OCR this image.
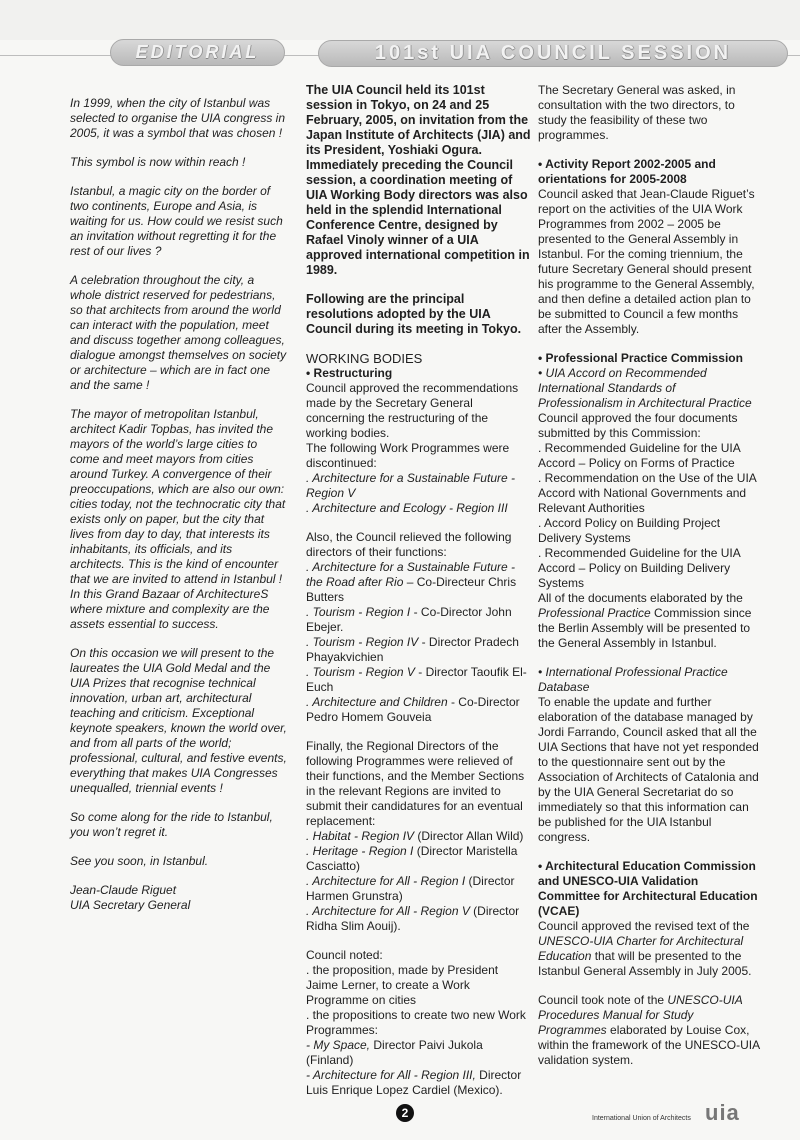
EDITORIAL	101st UIA COUNCIL SESSION

In 1999, when the city of Istanbul was selected to organise the UIA congress in 2005, it was a symbol that was chosen !

This symbol is now within reach !

Istanbul, a magic city on the border of two continents, Europe and Asia, is waiting for us. How could we resist such an invitation without regretting it for the rest of our lives ?

A celebration throughout the city, a whole district reserved for pedestrians, so that architects from around the world can interact with the population, meet and discuss together among colleagues, dialogue amongst themselves on society or architecture – which are in fact one and the same !

The mayor of metropolitan Istanbul, architect Kadir Topbas, has invited the mayors of the world’s large cities to come and meet mayors from cities around Turkey. A convergence of their preoccupations, which are also our own: cities today, not the technocratic city that exists only on paper, but the city that lives from day to day, that interests its inhabitants, its officials, and its architects. This is the kind of encounter that we are invited to attend in Istanbul ! In this Grand Bazaar of ArchitectureS where mixture and complexity are the assets essential to success.

On this occasion we will present to the laureates the UIA Gold Medal and the UIA Prizes that recognise technical innovation, urban art, architectural teaching and criticism. Exceptional keynote speakers, known the world over, and from all parts of the world; professional, cultural, and festive events, everything that makes UIA Congresses unequalled, triennial events !

So come along for the ride to Istanbul, you won’t regret it.

See you soon, in Istanbul.

Jean-Claude Riguet
UIA Secretary General

The UIA Council held its 101st session in Tokyo, on 24 and 25 February, 2005, on invitation from the Japan Institute of Architects (JIA) and its President, Yoshiaki Ogura. Immediately preceding the Council session, a coordination meeting of UIA Working Body directors was also held in the splendid International Conference Centre, designed by Rafael Vinoly winner of a UIA approved international competition in 1989.

Following are the principal resolutions adopted by the UIA Council during its meeting in Tokyo.

WORKING BODIES
• Restructuring
Council approved the recommendations made by the Secretary General concerning the restructuring of the working bodies.
The following Work Programmes were discontinued:
. Architecture for a Sustainable Future - Region V

. Architecture and Ecology - Region III

Also, the Council relieved the following directors of their functions:
. Architecture for a Sustainable Future - the Road after Rio – Co-Directeur Chris Butters
. Tourism - Region I - Co-Director John Ebejer.
. Tourism - Region IV - Director Pradech Phayakvichien
. Tourism - Region V - Director Taoufik El-Euch

. Architecture and Children - Co-Director Pedro Homem Gouveia

Finally, the Regional Directors of the following Programmes were relieved of their functions, and the Member Sections in the relevant Regions are invited to submit their candidatures for an eventual replacement:
. Habitat - Region IV (Director Allan Wild)
. Heritage - Region I (Director Maristella Casciatto)
. Architecture for All - Region I (Director Harmen Grunstra)

. Architecture for All - Region V (Director Ridha Slim Aouij).

Council noted:
. the proposition, made by President Jaime Lerner, to create a Work Programme on cities
. the propositions to create two new Work Programmes:
- My Space, Director Paivi Jukola (Finland)
- Architecture for All - Region III, Director Luis Enrique Lopez Cardiel (Mexico).

The Secretary General was asked, in consultation with the two directors, to study the feasibility of these two programmes.

• Activity Report 2002-2005 and orientations for 2005-2008

Council asked that Jean-Claude Riguet’s report on the activities of the UIA Work Programmes from 2002 – 2005 be presented to the General Assembly in Istanbul. For the coming triennium, the future Secretary General should present his programme to the General Assembly, and then define a detailed action plan to be submitted to Council a few months after the Assembly.

• Professional Practice Commission
• UIA Accord on Recommended International Standards of Professionalism in Architectural Practice
Council approved the four documents submitted by this Commission:
. Recommended Guideline for the UIA Accord – Policy on Forms of Practice
. Recommendation on the Use of the UIA Accord with National Governments and Relevant Authorities
. Accord Policy on Building Project Delivery Systems
. Recommended Guideline for the UIA Accord – Policy on Building Delivery Systems

All of the documents elaborated by the Professional Practice Commission since the Berlin Assembly will be presented to the General Assembly in Istanbul.

• International Professional Practice Database

To enable the update and further elaboration of the database managed by Jordi Farrando, Council asked that all the UIA Sections that have not yet responded to the questionnaire sent out by the Association of Architects of Catalonia and by the UIA General Secretariat do so immediately so that this information can be published for the UIA Istanbul congress.

• Architectural Education Commission and UNESCO-UIA Validation Committee for Architectural Education (VCAE)

Council approved the revised text of the UNESCO-UIA Charter for Architectural Education that will be presented to the Istanbul General Assembly in July 2005.

Council took note of the UNESCO-UIA Procedures Manual for Study Programmes elaborated by Louise Cox, within the framework of the UNESCO-UIA validation system.

2	International Union of Architects uia
